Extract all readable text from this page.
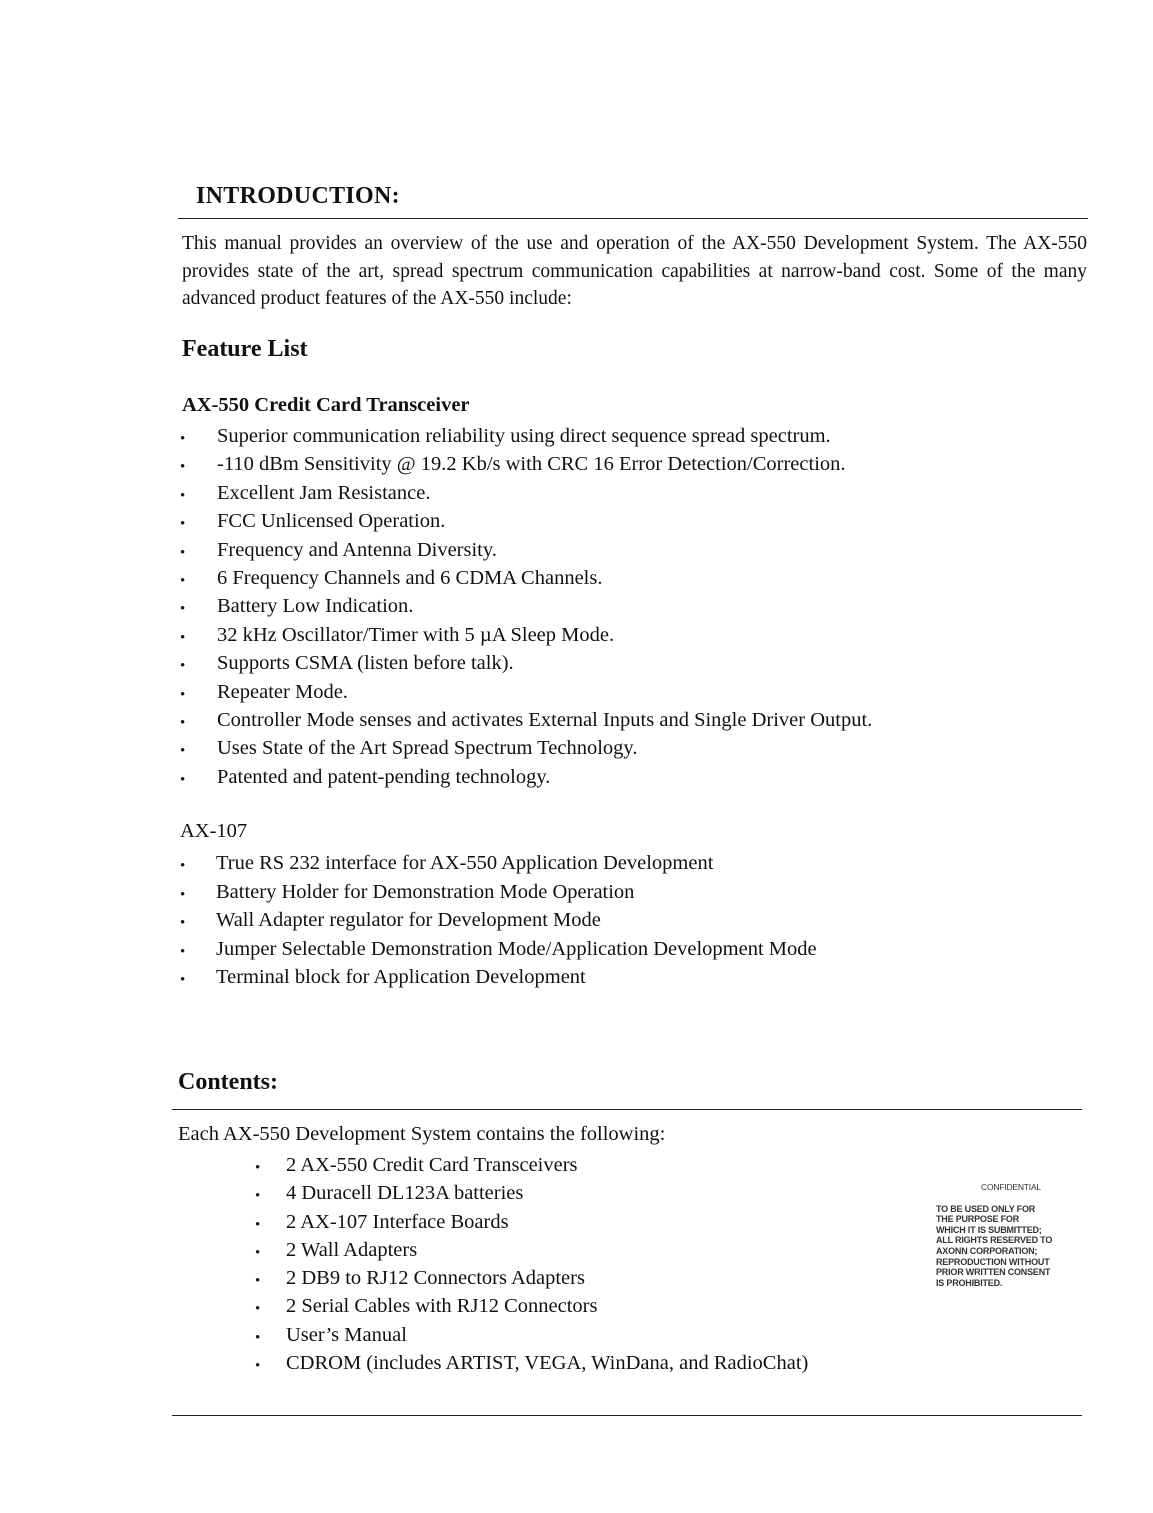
INTRODUCTION:

This manual provides an overview of the use and operation of the AX-550 Development System. The AX-550 provides state of the art, spread spectrum communication capabilities at narrow-band cost. Some of the many advanced product features of the AX-550 include:

Feature List
AX-550 Credit Card Transceiver
• Superior communication reliability using direct sequence spread spectrum.
• -110 dBm Sensitivity @ 19.2 Kb/s with CRC 16 Error Detection/Correction.
• Excellent Jam Resistance.
• FCC Unlicensed Operation.
• Frequency and Antenna Diversity.
• 6 Frequency Channels and 6 CDMA Channels.
• Battery Low Indication.
• 32 kHz Oscillator/Timer with 5 µA Sleep Mode.
• Supports CSMA (listen before talk).
• Repeater Mode.
• Controller Mode senses and activates External Inputs and Single Driver Output.
• Uses State of the Art Spread Spectrum Technology.
• Patented and patent-pending technology.
AX-107
• True RS 232 interface for AX-550 Application Development
• Battery Holder for Demonstration Mode Operation
• Wall Adapter regulator for Development Mode
• Jumper Selectable Demonstration Mode/Application Development Mode
• Terminal block for Application Development
Contents:

Each AX-550 Development System contains the following:

• 2 AX-550 Credit Card Transceivers
• 4 Duracell DL123A batteries
• 2 AX-107 Interface Boards
• 2 Wall Adapters
• 2 DB9 to RJ12 Connectors Adapters
• 2 Serial Cables with RJ12 Connectors
• User’s Manual
• CDROM (includes ARTIST, VEGA, WinDana, and RadioChat)
CONFIDENTIAL
TO BE USED ONLY FOR
THE PURPOSE FOR
WHICH IT IS SUBMITTED;
ALL RIGHTS RESERVED TO
AXONN CORPORATION;
REPRODUCTION WITHOUT
PRIOR WRITTEN CONSENT
IS PROHIBITED.
